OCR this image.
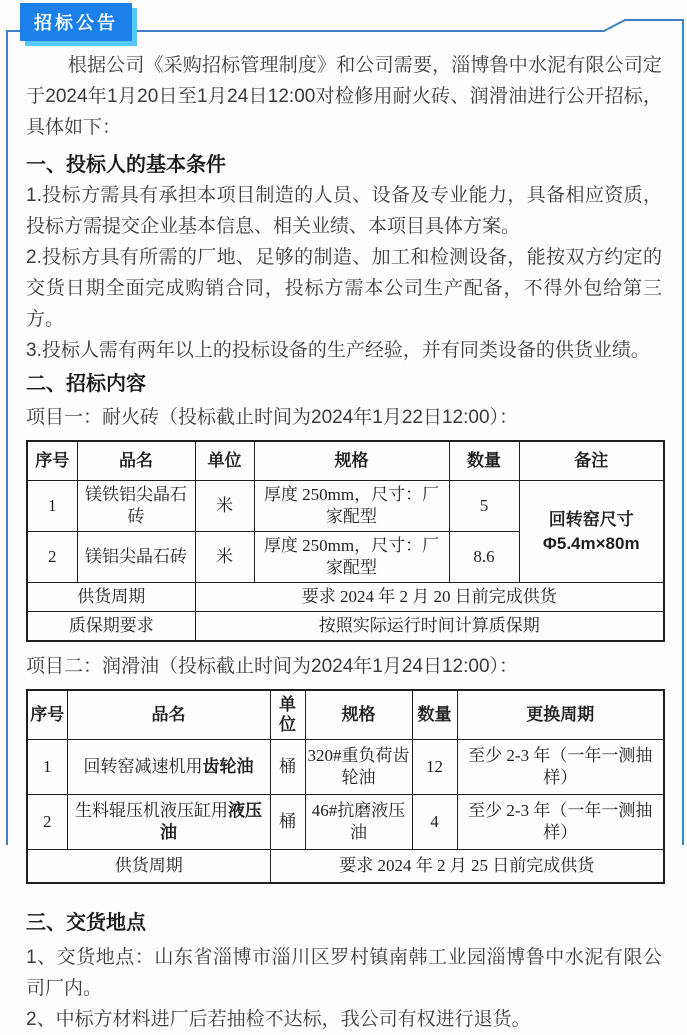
招标公告

根据公司《采购招标管理制度》和公司需要，淄博鲁中水泥有限公司定于2024年1月20日至1月24日12:00对检修用耐火砖、润滑油进行公开招标，具体如下：

一、投标人的基本条件

1.投标方需具有承担本项目制造的人员、设备及专业能力，具备相应资质，投标方需提交企业基本信息、相关业绩、本项目具体方案。

2.投标方具有所需的厂地、足够的制造、加工和检测设备，能按双方约定的交货日期全面完成购销合同，投标方需本公司生产配备，不得外包给第三方。

3.投标人需有两年以上的投标设备的生产经验，并有同类设备的供货业绩。

二、招标内容

项目一：耐火砖（投标截止时间为2024年1月22日12:00）：

序号	品名	单位	规格	数量	备注
1	镁铁铝尖晶石砖	米	厚度 250mm，尺寸：厂家配型	5	回转窑尺寸
Φ5.4m×80m

2	镁铝尖晶石砖	米	厚度 250mm，尺寸：厂家配型	8.6	
供货周期		要求 2024 年 2 月 20 日前完成供货			
质保期要求		按照实际运行时间计算质保期			

项目二：润滑油（投标截止时间为2024年1月24日12:00）：

序号	品名	单位	规格	数量	更换周期
1	回转窑减速机用齿轮油	桶	320#重负荷齿轮油	12	至少 2-3 年（一年一测抽样）
2	生料辊压机液压缸用液压油	桶	46#抗磨液压油	4	至少 2-3 年（一年一测抽样）
供货周期		要求 2024 年 2 月 25 日前完成供货			
三、交货地点

1、交货地点：山东省淄博市淄川区罗村镇南韩工业园淄博鲁中水泥有限公司厂内。

2、中标方材料进厂后若抽检不达标，我公司有权进行退货。
